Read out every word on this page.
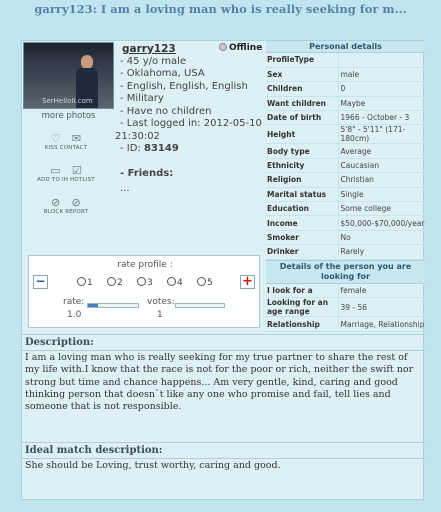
garry123: I am a loving man who is really seeking for m...
SerHelloII.com
more photos
♡ ✉
KISS CONTACT
▭ ☑
ADD TO IH HOTLIST
⊘ ⊘
BLOCK REPORT
Offline
garry123
- 45 y/o male
- Oklahoma, USA
- English, English, English
- Military
- Have no children
- Last logged in: 2012-05-10
21:30:02
- ID: 83149
- Friends:
...
Personal details
ProfileType	
Sex	male
Children	0
Want children	Maybe
Date of birth	1966 - October - 3
Height	5'8" - 5'11" (171-180cm)
Body type	Average
Ethnicity	Caucasian
Religion	Christian
Marital status	Single
Education	Some college
Income	$50,000-$70,000/year
Smoker	No
Drinker	Rarely
Details of the person you are looking for
I look for a	female
Looking for an age range	39 - 56
Relationship	Marriage, Relationship
rate profile :
−	+
1	2	3	4	5
rate:
1.0
votes:
1
Description:
I am a loving man who is really seeking for my true partner to share the rest of my life with.I know that the race is not for the poor or rich, neither the swift nor strong but time and chance happens... Am very gentle, kind, caring and good thinking person that doesn`t like any one who promise and fail, tell lies and someone that is not responsible.
Ideal match description:
She should be Loving, trust worthy, caring and good.
